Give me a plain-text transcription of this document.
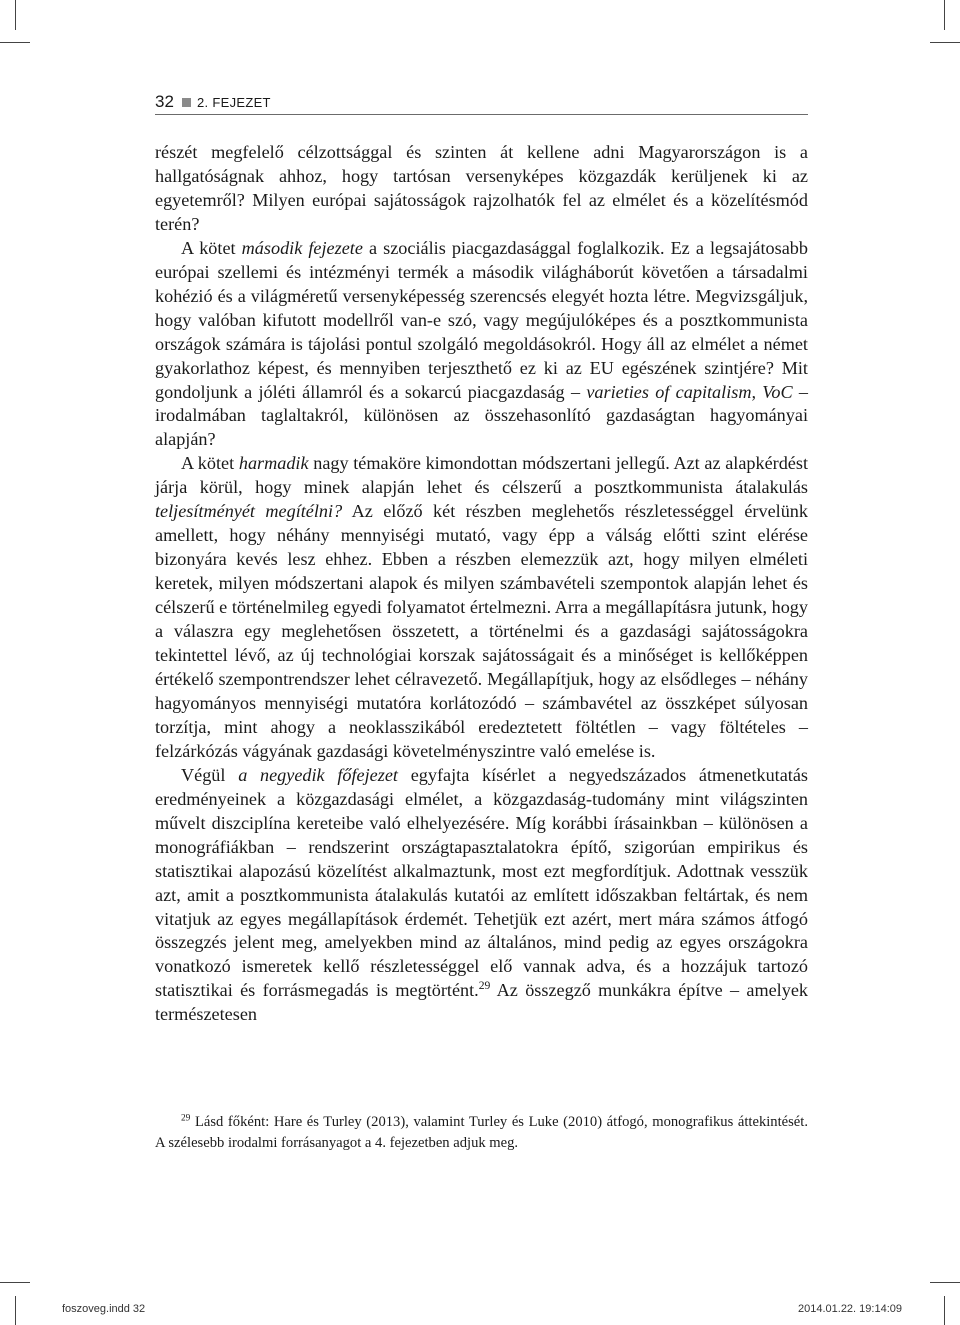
32 2. FEJEZET

részét megfelelő célzottsággal és szinten át kellene adni Magyarországon is a hallgatóságnak ahhoz, hogy tartósan versenyképes közgazdák kerüljenek ki az egyetemről? Milyen európai sajátosságok rajzolhatók fel az elmélet és a közelítésmód terén?

A kötet második fejezete a szociális piacgazdasággal foglalkozik. Ez a legsajátosabb európai szellemi és intézményi termék a második világháborút követően a társadalmi kohézió és a világméretű versenyképesség szerencsés elegyét hozta létre. Megvizsgáljuk, hogy valóban kifutott modellről van-e szó, vagy megújulóképes és a posztkommunista országok számára is tájolási pontul szolgáló megoldásokról. Hogy áll az elmélet a német gyakorlathoz képest, és mennyiben terjeszthető ez ki az EU egészének szintjére? Mit gondoljunk a jóléti államról és a sokarcú piacgazdaság – varieties of capitalism, VoC – irodalmában taglaltakról, különösen az összehasonlító gazdaságtan hagyományai alapján?

A kötet harmadik nagy témaköre kimondottan módszertani jellegű. Azt az alapkérdést járja körül, hogy minek alapján lehet és célszerű a posztkommunista átalakulás teljesítményét megítélni? Az előző két részben meglehetős részletességgel érvelünk amellett, hogy néhány mennyiségi mutató, vagy épp a válság előtti szint elérése bizonyára kevés lesz ehhez. Ebben a részben elemezzük azt, hogy milyen elméleti keretek, milyen módszertani alapok és milyen számbavételi szempontok alapján lehet és célszerű e történelmileg egyedi folyamatot értelmezni. Arra a megállapításra jutunk, hogy a válaszra egy meglehetősen összetett, a történelmi és a gazdasági sajátosságokra tekintettel lévő, az új technológiai korszak sajátosságait és a minőséget is kellőképpen értékelő szempontrendszer lehet célravezető. Megállapítjuk, hogy az elsődleges – néhány hagyományos mennyiségi mutatóra korlátozódó – számbavétel az összképet súlyosan torzítja, mint ahogy a neoklasszikából eredeztetett föltétlen – vagy föltételes – felzárkózás vágyának gazdasági követelményszintre való emelése is.

Végül a negyedik főfejezet egyfajta kísérlet a negyedszázados átmenetkutatás eredményeinek a közgazdasági elmélet, a közgazdaság-tudomány mint világszinten művelt diszciplína kereteibe való elhelyezésére. Míg korábbi írásainkban – különösen a monográfiákban – rendszerint országtapasztalatokra építő, szigorúan empirikus és statisztikai alapozású közelítést alkalmaztunk, most ezt megfordítjuk. Adottnak vesszük azt, amit a posztkommunista átalakulás kutatói az említett időszakban feltártak, és nem vitatjuk az egyes megállapítások érdemét. Tehetjük ezt azért, mert mára számos átfogó összegzés jelent meg, amelyekben mind az általános, mind pedig az egyes országokra vonatkozó ismeretek kellő részletességgel elő vannak adva, és a hozzájuk tartozó statisztikai és forrásmegadás is megtörtént.$^{29}$ Az összegző munkákra építve – amelyek természetesen

$^{29}$ Lásd főként: Hare és Turley (2013), valamint Turley és Luke (2010) átfogó, monografikus áttekintését. A szélesebb irodalmi forrásanyagot a 4. fejezetben adjuk meg.

foszoveg.indd 32	2014.01.22. 19:14:09
